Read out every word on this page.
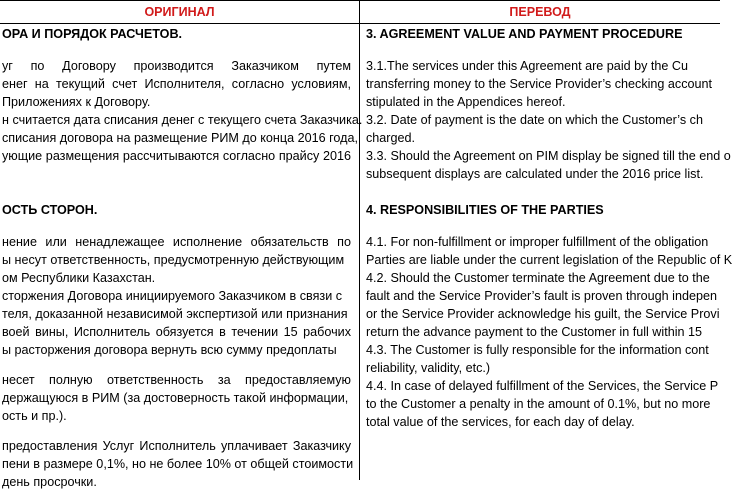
ОРИГИНАЛ	ПЕРЕВОД
ОРА И ПОРЯДОК РАСЧЕТОВ.
уг по Договору производится Заказчиком путем
енег на текущий счет Исполнителя, согласно условиям,
Приложениях к Договору.
н считается дата списания денег с текущего счета Заказчика.
списания договора на размещение РИМ до конца 2016 года,
ующие размещения рассчитываются согласно прайсу 2016
ОСТЬ СТОРОН.
нение или ненадлежащее исполнение обязательств по
ы несут ответственность, предусмотренную действующим
ом Республики Казахстан.
сторжения Договора инициируемого Заказчиком в связи с
теля, доказанной независимой экспертизой или признания
воей вины, Исполнитель обязуется в течении 15 рабочих
ы расторжения договора вернуть всю сумму предоплаты
несет полную ответственность за предоставляемую
держащуюся в РИМ (за достоверность такой информации,
ость и пр.).
предоставления Услуг Исполнитель уплачивает Заказчику
пени в размере 0,1%, но не более 10% от общей стоимости
день просрочки.
3. AGREEMENT VALUE AND PAYMENT PROCEDURE
3.1.The services under this Agreement are paid by the Cu
transferring money to the Service Provider’s checking account
stipulated in the Appendices hereof.
3.2. Date of payment is the date on which the Customer’s ch
charged.
3.3. Should the Agreement on PIM display be signed till the end o
subsequent displays are calculated under the 2016 price list.
4. RESPONSIBILITIES OF THE PARTIES
4.1. For non-fulfillment or improper fulfillment of the obligation
Parties are liable under the current legislation of the Republic of K
4.2. Should the Customer terminate the Agreement due to the
fault and the Service Provider’s fault is proven through indepen
or the Service Provider acknowledge his guilt, the Service Provi
return the advance payment to the Customer in full within 15
4.3. The Customer is fully responsible for the information cont
reliability, validity, etc.)
4.4. In case of delayed fulfillment of the Services, the Service P
to the Customer a penalty in the amount of 0.1%, but no more
total value of the services, for each day of delay.
